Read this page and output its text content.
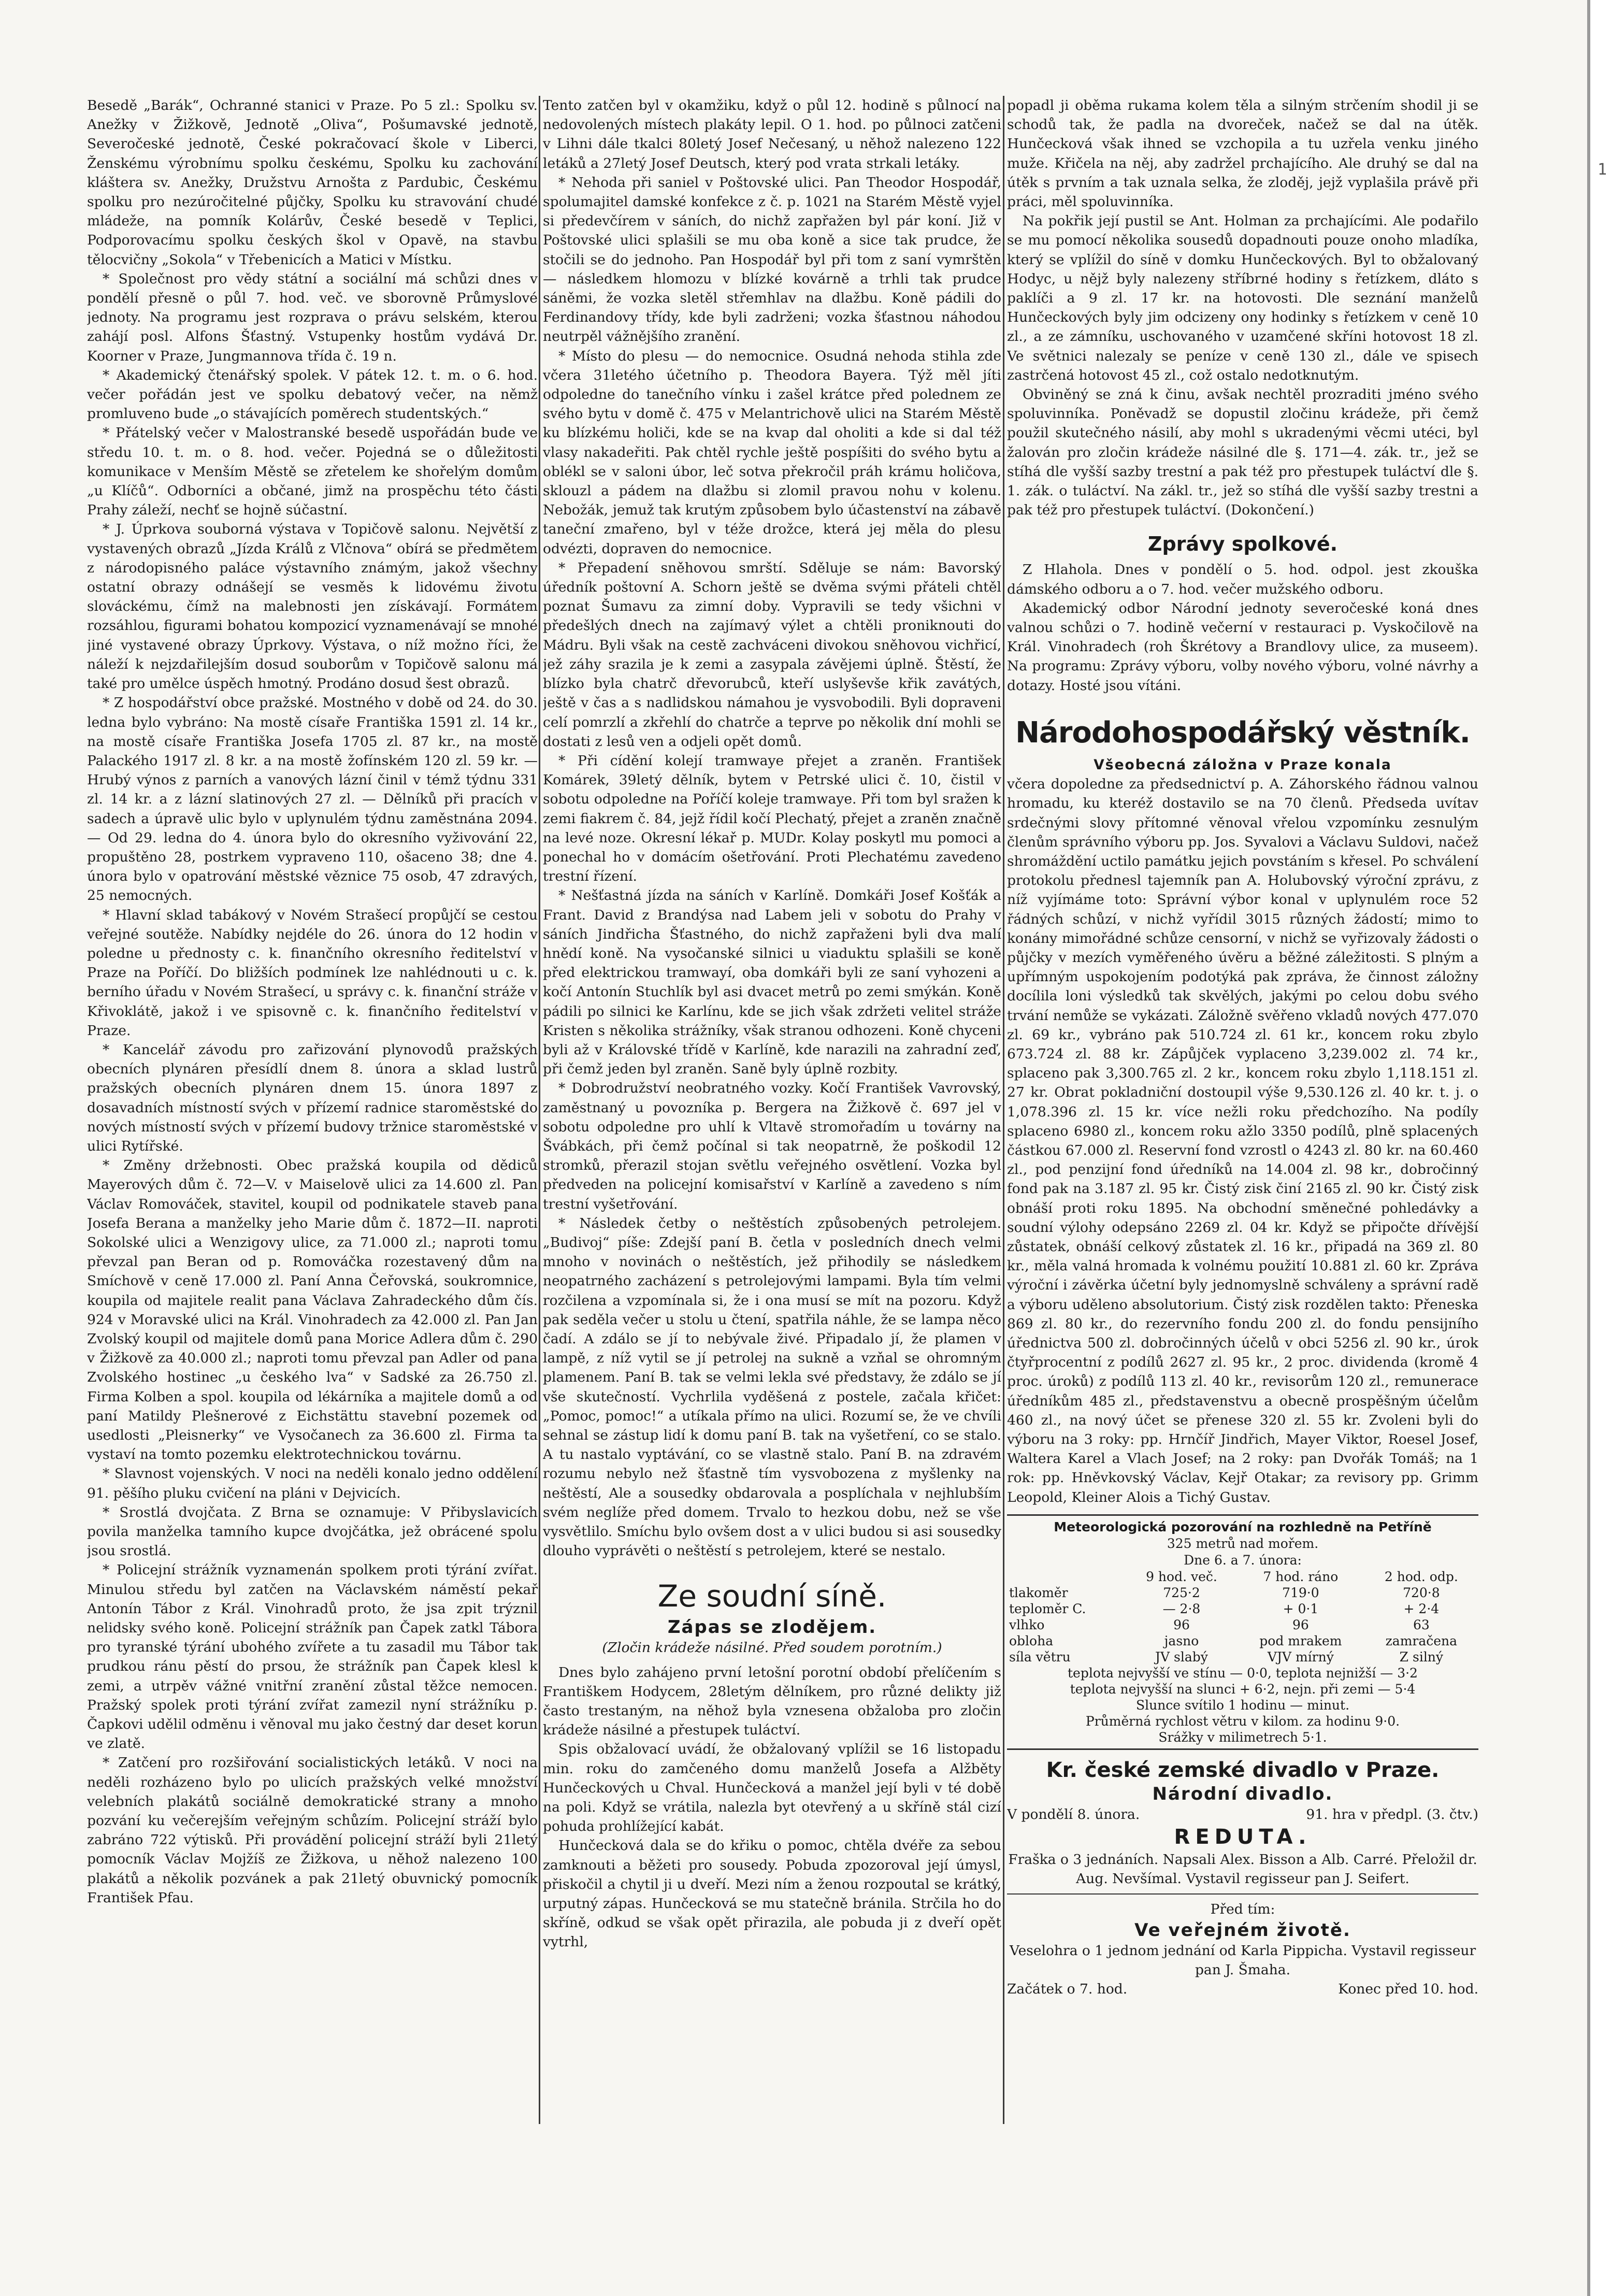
Besedě „Barák“, Ochranné stanici v Praze. Po 5 zl.: Spolku sv. Anežky v Žižkově, Jednotě „Oliva“, Pošumavské jednotě, Severočeské jednotě, České pokračovací škole v Liberci, Ženskému výrobnímu spolku českému, Spolku ku zachování kláštera sv. Anežky, Družstvu Arnošta z Pardubic, Českému spolku pro nezúročitelné půjčky, Spolku ku stravování chudé mládeže, na pomník Kolárův, České besedě v Teplici, Podporovacímu spolku českých škol v Opavě, na stavbu tělocvičny „Sokola“ v Třebenicích a Matici v Místku.

* Společnost pro vědy státní a sociální má schůzi dnes v pondělí přesně o půl 7. hod. več. ve sborovně Průmyslové jednoty. Na programu jest rozprava o právu selském, kterou zahájí posl. Alfons Šťastný. Vstupenky hostům vydává Dr. Koorner v Praze, Jungmannova třída č. 19 n.

* Akademický čtenářský spolek. V pátek 12. t. m. o 6. hod. večer pořádán jest ve spolku debatový večer, na němž promluveno bude „o stávajících poměrech studentských.“

* Přátelský večer v Malostranské besedě uspořádán bude ve středu 10. t. m. o 8. hod. večer. Pojedná se o důležitosti komunikace v Menším Městě se zřetelem ke shořelým domům „u Klíčů“. Odborníci a občané, jimž na prospěchu této části Prahy záleží, nechť se hojně súčastní.

* J. Úprkova souborná výstava v Topičově salonu. Největší z vystavených obrazů „Jízda Králů z Vlčnova“ obírá se předmětem z národopisného paláce výstavního známým, jakož všechny ostatní obrazy odnášejí se vesměs k lidovému životu slováckému, čímž na malebnosti jen získávají. Formátem rozsáhlou, figurami bohatou kompozicí vyznamenávají se mnohé jiné vystavené obrazy Úprkovy. Výstava, o níž možno říci, že náleží k nejzdařilejším dosud souborům v Topičově salonu má také pro umělce úspěch hmotný. Prodáno dosud šest obrazů.

* Z hospodářství obce pražské. Mostného v době od 24. do 30. ledna bylo vybráno: Na mostě císaře Františka 1591 zl. 14 kr., na mostě císaře Františka Josefa 1705 zl. 87 kr., na mostě Palackého 1917 zl. 8 kr. a na mostě žofínském 120 zl. 59 kr. — Hrubý výnos z parních a vanových lázní činil v témž týdnu 331 zl. 14 kr. a z lázní slatinových 27 zl. — Dělníků při pracích v sadech a úpravě ulic bylo v uplynulém týdnu zaměstnána 2094. — Od 29. ledna do 4. února bylo do okresního vyživování 22, propuštěno 28, postrkem vypraveno 110, ošaceno 38; dne 4. února bylo v opatrování městské věznice 75 osob, 47 zdravých, 25 nemocných.

* Hlavní sklad tabákový v Novém Strašecí propůjčí se cestou veřejné soutěže. Nabídky nejdéle do 26. února do 12 hodin v poledne u přednosty c. k. finančního okresního ředitelství v Praze na Poříčí. Do bližších podmínek lze nahlédnouti u c. k. berního úřadu v Novém Strašecí, u správy c. k. finanční stráže v Křivoklátě, jakož i ve spisovně c. k. finančního ředitelství v Praze.

* Kancelář závodu pro zařizování plynovodů pražských obecních plynáren přesídlí dnem 8. února a sklad lustrů pražských obecních plynáren dnem 15. února 1897 z dosavadních místností svých v přízemí radnice staroměstské do nových místností svých v přízemí budovy tržnice staroměstské v ulici Rytířské.

* Změny držebnosti. Obec pražská koupila od dědiců Mayerových dům č. 72—V. v Maiselově ulici za 14.600 zl. Pan Václav Romováček, stavitel, koupil od podnikatele staveb pana Josefa Berana a manželky jeho Marie dům č. 1872—II. naproti Sokolské ulici a Wenzigovy ulice, za 71.000 zl.; naproti tomu převzal pan Beran od p. Romováčka rozestavený dům na Smíchově v ceně 17.000 zl. Paní Anna Čeřovská, soukromnice, koupila od majitele realit pana Václava Zahradeckého dům čís. 924 v Moravské ulici na Král. Vinohradech za 42.000 zl. Pan Jan Zvolský koupil od majitele domů pana Morice Adlera dům č. 290 v Žižkově za 40.000 zl.; naproti tomu převzal pan Adler od pana Zvolského hostinec „u českého lva“ v Sadské za 26.750 zl. Firma Kolben a spol. koupila od lékárníka a majitele domů a od paní Matildy Plešnerové z Eichstättu stavební pozemek od usedlosti „Pleisnerky“ ve Vysočanech za 36.600 zl. Firma ta vystaví na tomto pozemku elektrotechnickou továrnu.

* Slavnost vojenských. V noci na neděli konalo jedno oddělení 91. pěšího pluku cvičení na pláni v Dejvicích.

* Srostlá dvojčata. Z Brna se oznamuje: V Přibyslavicích povila manželka tamního kupce dvojčátka, jež obrácené spolu jsou srostlá.

* Policejní strážník vyznamenán spolkem proti týrání zvířat. Minulou středu byl zatčen na Václavském náměstí pekař Antonín Tábor z Král. Vinohradů proto, že jsa zpit trýznil nelidsky svého koně. Policejní strážník pan Čapek zatkl Tábora pro tyranské týrání ubohého zvířete a tu zasadil mu Tábor tak prudkou ránu pěstí do prsou, že strážník pan Čapek klesl k zemi, a utrpěv vážné vnitřní zranění zůstal těžce nemocen. Pražský spolek proti týrání zvířat zamezil nyní strážníku p. Čapkovi udělil odměnu i věnoval mu jako čestný dar deset korun ve zlatě.

* Zatčení pro rozšiřování socialistických letáků. V noci na neděli rozházeno bylo po ulicích pražských velké množství velebních plakátů sociálně demokratické strany a mnoho pozvání ku večerejším veřejným schůzím. Policejní stráží bylo zabráno 722 výtisků. Při provádění policejní stráží byli 21letý pomocník Václav Mojžíš ze Žižkova, u něhož nalezeno 100 plakátů a několik pozvánek a pak 21letý obuvnický pomocník František Pfau.

Tento zatčen byl v okamžiku, když o půl 12. hodině s půlnocí na nedovolených místech plakáty lepil. O 1. hod. po půlnoci zatčeni v Lihni dále tkalci 80letý Josef Nečesaný, u něhož nalezeno 122 letáků a 27letý Josef Deutsch, který pod vrata strkali letáky.

* Nehoda při saniel v Poštovské ulici. Pan Theodor Hospodář, spolumajitel damské konfekce z č. p. 1021 na Starém Městě vyjel si předevčírem v sáních, do nichž zapřažen byl pár koní. Již v Poštovské ulici splašili se mu oba koně a sice tak prudce, že stočili se do jednoho. Pan Hospodář byl při tom z saní vymrštěn — následkem hlomozu v blízké kovárně a trhli tak prudce sáněmi, že vozka sletěl střemhlav na dlažbu. Koně pádili do Ferdinandovy třídy, kde byli zadrženi; vozka šťastnou náhodou neutrpěl vážnějšího zranění.

* Místo do plesu — do nemocnice. Osudná nehoda stihla zde včera 31letého účetního p. Theodora Bayera. Týž měl jíti odpoledne do tanečního vínku i zašel krátce před polednem ze svého bytu v domě č. 475 v Melantrichově ulici na Starém Městě ku blízkému holiči, kde se na kvap dal oholiti a kde si dal též vlasy nakadeřiti. Pak chtěl rychle ještě pospíšiti do svého bytu a oblékl se v saloni úbor, leč sotva překročil práh krámu holičova, sklouzl a pádem na dlažbu si zlomil pravou nohu v kolenu. Nebožák, jemuž tak krutým způsobem bylo účastenství na zábavě taneční zmařeno, byl v téže drožce, která jej měla do plesu odvézti, dopraven do nemocnice.

* Přepadení sněhovou smrští. Sděluje se nám: Bavorský úředník poštovní A. Schorn ještě se dvěma svými přáteli chtěl poznat Šumavu za zimní doby. Vypravili se tedy všichni v předešlých dnech na zajímavý výlet a chtěli proniknouti do Mádru. Byli však na cestě zachváceni divokou sněhovou vichřicí, jež záhy srazila je k zemi a zasypala závějemi úplně. Štěstí, že blízko byla chatrč dřevorubců, kteří uslyševše křik zavátých, ještě v čas a s nadlidskou námahou je vysvobodili. Byli dopraveni celí pomrzlí a zkřehlí do chatrče a teprve po několik dní mohli se dostati z lesů ven a odjeli opět domů.

* Při cídění kolejí tramwaye přejet a zraněn. František Komárek, 39letý dělník, bytem v Petrské ulici č. 10, čistil v sobotu odpoledne na Poříčí koleje tramwaye. Při tom byl sražen k zemi fiakrem č. 84, jejž řídil kočí Plechatý, přejet a zraněn značně na levé noze. Okresní lékař p. MUDr. Kolay poskytl mu pomoci a ponechal ho v domácím ošetřování. Proti Plechatému zavedeno trestní řízení.

* Nešťastná jízda na sáních v Karlíně. Domkáři Josef Košťák a Frant. David z Brandýsa nad Labem jeli v sobotu do Prahy v sáních Jindřicha Šťastného, do nichž zapřaženi byli dva malí hnědí koně. Na vysočanské silnici u viaduktu splašili se koně před elektrickou tramwayí, oba domkáři byli ze saní vyhozeni a kočí Antonín Stuchlík byl asi dvacet metrů po zemi smýkán. Koně pádili po silnici ke Karlínu, kde se jich však zdržeti velitel stráže Kristen s několika strážníky, však stranou odhozeni. Koně chyceni byli až v Královské třídě v Karlíně, kde narazili na zahradní zeď, při čemž jeden byl zraněn. Saně byly úplně rozbity.

* Dobrodružství neobratného vozky. Kočí František Vavrovský, zaměstnaný u povozníka p. Bergera na Žižkově č. 697 jel v sobotu odpoledne pro uhlí k Vltavě stromořadím u továrny na Švábkách, při čemž počínal si tak neopatrně, že poškodil 12 stromků, přerazil stojan světlu veřejného osvětlení. Vozka byl předveden na policejní komisařství v Karlíně a zavedeno s ním trestní vyšetřování.

* Následek četby o neštěstích způsobených petrolejem. „Budivoj“ píše: Zdejší paní B. četla v posledních dnech velmi mnoho v novinách o neštěstích, jež přihodily se následkem neopatrného zacházení s petrolejovými lampami. Byla tím velmi rozčilena a vzpomínala si, že i ona musí se mít na pozoru. Když pak seděla večer u stolu u čtení, spatřila náhle, že se lampa něco čadí. A zdálo se jí to nebývale živé. Připadalo jí, že plamen v lampě, z níž vytil se jí petrolej na sukně a vzňal se ohromným plamenem. Paní B. tak se velmi lekla své představy, že zdálo se jí vše skutečností. Vychrlila vyděšená z postele, začala křičet: „Pomoc, pomoc!“ a utíkala přímo na ulici. Rozumí se, že ve chvíli sehnal se zástup lidí k domu paní B. tak na vyšetření, co se stalo. A tu nastalo vyptávání, co se vlastně stalo. Paní B. na zdravém rozumu nebylo než šťastně tím vysvobozena z myšlenky na neštěstí, Ale a sousedky obdarovala a posplíchala v nejhlubším svém neglíže před domem. Trvalo to hezkou dobu, než se vše vysvětlilo. Smíchu bylo ovšem dost a v ulici budou si asi sousedky dlouho vyprávěti o neštěstí s petrolejem, které se nestalo.

Ze soudní síně.
Zápas se zlodějem.
(Zločin krádeže násilné. Před soudem porotním.)

Dnes bylo zahájeno první letošní porotní období přelíčením s Františkem Hodycem, 28letým dělníkem, pro různé delikty již často trestaným, na něhož byla vznesena obžaloba pro zločin krádeže násilné a přestupek tuláctví.

Spis obžalovací uvádí, že obžalovaný vplížil se 16 listopadu min. roku do zamčeného domu manželů Josefa a Alžběty Hunčeckových u Chval. Hunčecková a manžel její byli v té době na poli. Když se vrátila, nalezla byt otevřený a u skříně stál cizí pohuda prohlížející kabát.

Hunčecková dala se do křiku o pomoc, chtěla dvéře za sebou zamknouti a běžeti pro sousedy. Pobuda zpozoroval její úmysl, přiskočil a chytil ji u dveří. Mezi ním a ženou rozpoutal se krátký, urputný zápas. Hunčecková se mu statečně bránila. Strčila ho do skříně, odkud se však opět přirazila, ale pobuda ji z dveří opět vytrhl,

popadl ji oběma rukama kolem těla a silným strčením shodil ji se schodů tak, že padla na dvoreček, načež se dal na útěk. Hunčecková však ihned se vzchopila a tu uzřela venku jiného muže. Křičela na něj, aby zadržel prchajícího. Ale druhý se dal na útěk s prvním a tak uznala selka, že zloděj, jejž vyplašila právě při práci, měl spoluvinníka.

Na pokřik její pustil se Ant. Holman za prchajícími. Ale podařilo se mu pomocí několika sousedů dopadnouti pouze onoho mladíka, který se vplížil do síně v domku Hunčeckových. Byl to obžalovaný Hodyc, u nějž byly nalezeny stříbrné hodiny s řetízkem, dláto s paklíči a 9 zl. 17 kr. na hotovosti. Dle seznání manželů Hunčeckových byly jim odcizeny ony hodinky s řetízkem v ceně 10 zl., a ze zámníku, uschovaného v uzamčené skříni hotovost 18 zl. Ve světnici nalezaly se peníze v ceně 130 zl., dále ve spisech zastrčená hotovost 45 zl., což ostalo nedotknutým.

Obviněný se zná k činu, avšak nechtěl prozraditi jméno svého spoluvinníka. Poněvadž se dopustil zločinu krádeže, při čemž použil skutečného násilí, aby mohl s ukradenými věcmi utéci, byl žalován pro zločin krádeže násilné dle §. 171—4. zák. tr., jež se stíhá dle vyšší sazby trestní a pak též pro přestupek tuláctví dle §. 1. zák. o tuláctví. Na zákl. tr., jež so stíhá dle vyšší sazby trestni a pak též pro přestupek tuláctví. (Dokončení.)

Zprávy spolkové.

Z Hlahola. Dnes v pondělí o 5. hod. odpol. jest zkouška dámského odboru a o 7. hod. večer mužského odboru.

Akademický odbor Národní jednoty severočeské koná dnes valnou schůzi o 7. hodině večerní v restauraci p. Vyskočilově na Král. Vinohradech (roh Škrétovy a Brandlovy ulice, za museem). Na programu: Zprávy výboru, volby nového výboru, volné návrhy a dotazy. Hosté jsou vítáni.

Národohospodářský věstník.

Všeobecná záložna v Praze konala

včera dopoledne za předsednictví p. A. Záhorského řádnou valnou hromadu, ku kteréž dostavilo se na 70 členů. Předseda uvítav srdečnými slovy přítomné věnoval vřelou vzpomínku zesnulým členům správního výboru pp. Jos. Syvalovi a Václavu Suldovi, načež shromáždění uctilo památku jejich povstáním s křesel. Po schválení protokolu přednesl tajemník pan A. Holubovský výroční zprávu, z níž vyjímáme toto: Správní výbor konal v uplynulém roce 52 řádných schůzí, v nichž vyřídil 3015 různých žádostí; mimo to konány mimořádné schůze censorní, v nichž se vyřizovaly žádosti o půjčky v mezích vyměřeného úvěru a běžné záležitosti. S plným a upřímným uspokojením podotýká pak zpráva, že činnost záložny docílila loni výsledků tak skvělých, jakými po celou dobu svého trvání nemůže se vykázati. Záložně svěřeno vkladů nových 477.070 zl. 69 kr., vybráno pak 510.724 zl. 61 kr., koncem roku zbylo 673.724 zl. 88 kr. Zápůjček vyplaceno 3,239.002 zl. 74 kr., splaceno pak 3,300.765 zl. 2 kr., koncem roku zbylo 1,118.151 zl. 27 kr. Obrat pokladniční dostoupil výše 9,530.126 zl. 40 kr. t. j. o 1,078.396 zl. 15 kr. více nežli roku předchozího. Na podíly splaceno 6980 zl., koncem roku ažlo 3350 podílů, plně splacených částkou 67.000 zl. Reservní fond vzrostl o 4243 zl. 80 kr. na 60.460 zl., pod penzijní fond úředníků na 14.004 zl. 98 kr., dobročinný fond pak na 3.187 zl. 95 kr. Čistý zisk činí 2165 zl. 90 kr. Čistý zisk obnáší proti roku 1895. Na obchodní směnečné pohledávky a soudní výlohy odepsáno 2269 zl. 04 kr. Když se připočte dřívější zůstatek, obnáší celkový zůstatek zl. 16 kr., připadá na 369 zl. 80 kr., měla valná hromada k volnému použití 10.881 zl. 60 kr. Zpráva výroční i závěrka účetní byly jednomyslně schváleny a správní radě a výboru uděleno absolutorium. Čistý zisk rozdělen takto: Přeneska 869 zl. 80 kr., do rezervního fondu 200 zl. do fondu pensijního úřednictva 500 zl. dobročinných účelů v obci 5256 zl. 90 kr., úrok čtyřprocentní z podílů 2627 zl. 95 kr., 2 proc. dividenda (kromě 4 proc. úroků) z podílů 113 zl. 40 kr., revisorům 120 zl., remunerace úředníkům 485 zl., představenstvu a obecně prospěšným účelům 460 zl., na nový účet se přenese 320 zl. 55 kr. Zvoleni byli do výboru na 3 roky: pp. Hrnčíř Jindřich, Mayer Viktor, Roesel Josef, Waltera Karel a Vlach Josef; na 2 roky: pan Dvořák Tomáš; na 1 rok: pp. Hněvkovský Václav, Kejř Otakar; za revisory pp. Grimm Leopold, Kleiner Alois a Tichý Gustav.

Meteorologická pozorování na rozhledně na Petříně
325 metrů nad mořem.
Dne 6. a 7. února:
	9 hod. več.	7 hod. ráno	2 hod. odp.
tlakoměr	725·2	719·0	720·8
teploměr C.	— 2·8	+ 0·1	+ 2·4
vlhko	96	96	63
obloha	jasno	pod mrakem	zamračena
síla větru	JV slabý	VJV mírný	Z silný
teplota nejvyšší ve stínu — 0·0, teplota nejnižší — 3·2
teplota nejvyšší na slunci + 6·2, nejn. při zemi — 5·4
Slunce svítilo 1 hodinu — minut.
Průměrná rychlost větru v kilom. za hodinu 9·0.
Srážky v milimetrech 5·1.
Kr. české zemské divadlo v Praze.
Národní divadlo.
V pondělí 8. února.	91. hra v předpl. (3. čtv.)
REDUTA.

Fraška o 3 jednáních. Napsali Alex. Bisson a Alb. Carré. Přeložil dr. Aug. Nevšímal. Vystavil regisseur pan J. Seifert.

Před tím:

Ve veřejném životě.

Veselohra o 1 jednom jednání od Karla Pippicha. Vystavil regisseur pan J. Šmaha.

Začátek o 7. hod.	Konec před 10. hod.
1
